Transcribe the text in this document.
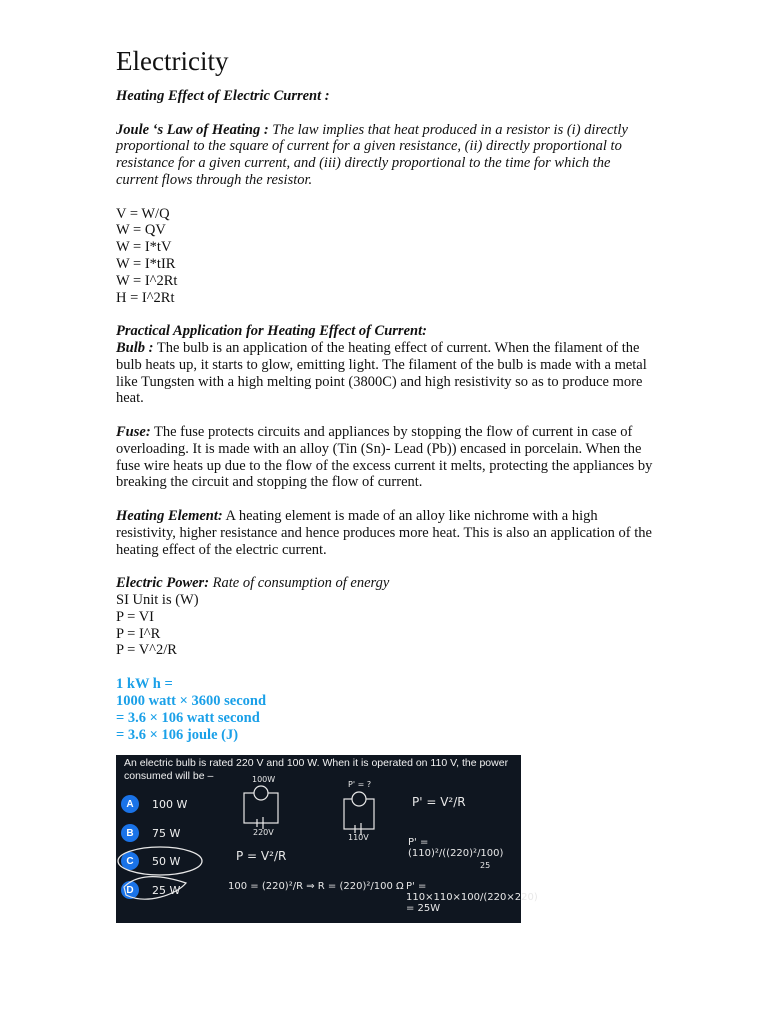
Electricity

Heating Effect of Electric Current :

Joule ‘s Law of Heating : The law implies that heat produced in a resistor is (i) directly proportional to the square of current for a given resistance, (ii) directly proportional to resistance for a given current, and (iii) directly proportional to the time for which the current flows through the resistor.

V = W/Q

W = QV

W = I*tV

W = I*tIR

W = I^2Rt

H = I^2Rt

Practical Application for Heating Effect of Current:

Bulb : The bulb is an application of the heating effect of current. When the filament of the bulb heats up, it starts to glow, emitting light. The filament of the bulb is made with a metal like Tungsten with a high melting point (3800C) and high resistivity so as to produce more heat.

Fuse: The fuse protects circuits and appliances by stopping the flow of current in case of overloading. It is made with an alloy (Tin (Sn)- Lead (Pb)) encased in porcelain. When the fuse wire heats up due to the flow of the excess current it melts, protecting the appliances by breaking the circuit and stopping the flow of current.

Heating Element: A heating element is made of an alloy like nichrome with a high resistivity, higher resistance and hence produces more heat. This is also an application of the heating effect of the electric current.

Electric Power: Rate of consumption of energy

SI Unit is (W)

P = VI

P = I^R

P = V^2/R

1 kW h =

1000 watt × 3600 second

= 3.6 × 106 watt second

= 3.6 × 106 joule (J)

An electric bulb is rated 220 V and 100 W. When it is operated on 110 V, the power consumed will be –
A	100 W
B	75 W
C	50 W
D	25 W
100W
220V
P' = ?
110V
P' = V²/R
P' = (110)²/((220)²/100)
P = V²/R
100 = (220)²/R ⇒ R = (220)²/100 Ω P' = 110×110×100/(220×220) = 25W
25
